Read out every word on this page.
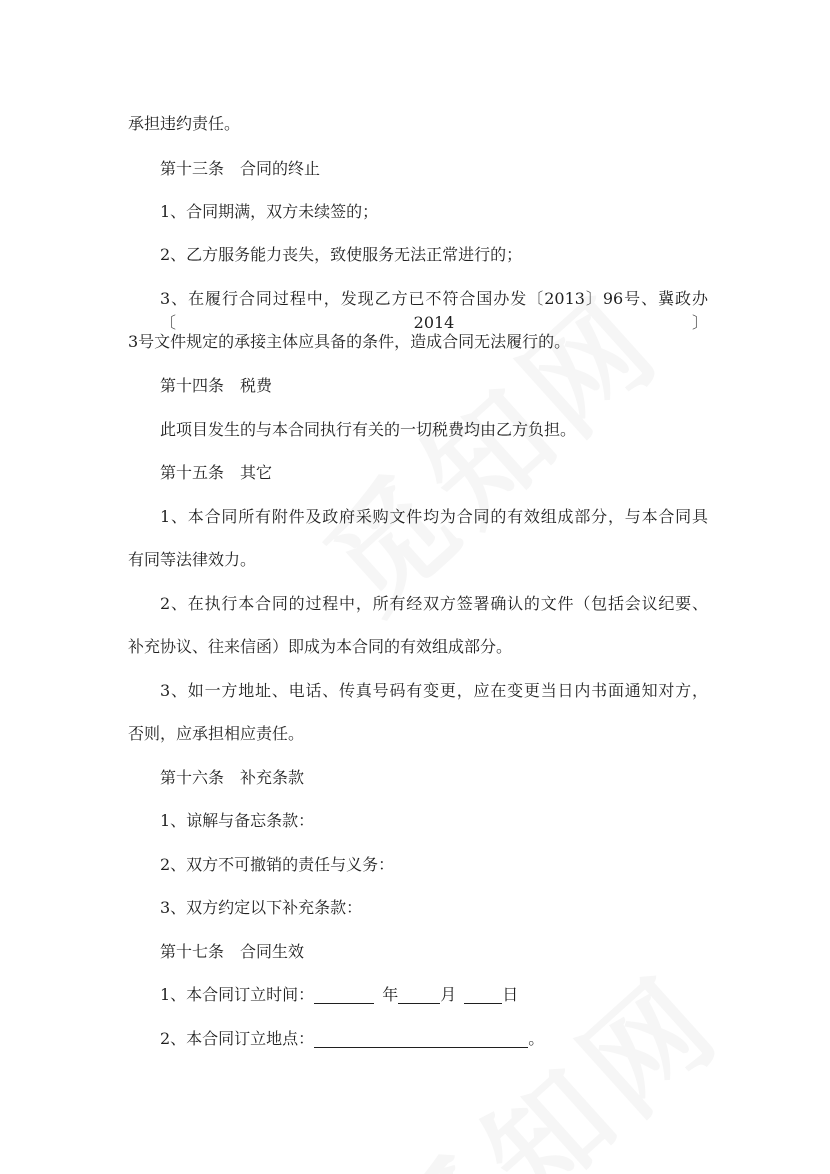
承担违约责任。
第十三条　合同的终止
1、合同期满，双方未续签的；
2、乙方服务能力丧失，致使服务无法正常进行的；
3、在履行合同过程中，发现乙方已不符合国办发〔2013〕96号、冀政办〔2014〕
3号文件规定的承接主体应具备的条件，造成合同无法履行的。
第十四条　税费
此项目发生的与本合同执行有关的一切税费均由乙方负担。
第十五条　其它
1、本合同所有附件及政府采购文件均为合同的有效组成部分，与本合同具
有同等法律效力。
2、在执行本合同的过程中，所有经双方签署确认的文件（包括会议纪要、
补充协议、往来信函）即成为本合同的有效组成部分。
3、如一方地址、电话、传真号码有变更，应在变更当日内书面通知对方，
否则，应承担相应责任。
第十六条　补充条款
1、谅解与备忘条款：
2、双方不可撤销的责任与义务：
3、双方约定以下补充条款：
第十七条　合同生效
1、本合同订立时间：	年	月	日
2、本合同订立地点：	。
